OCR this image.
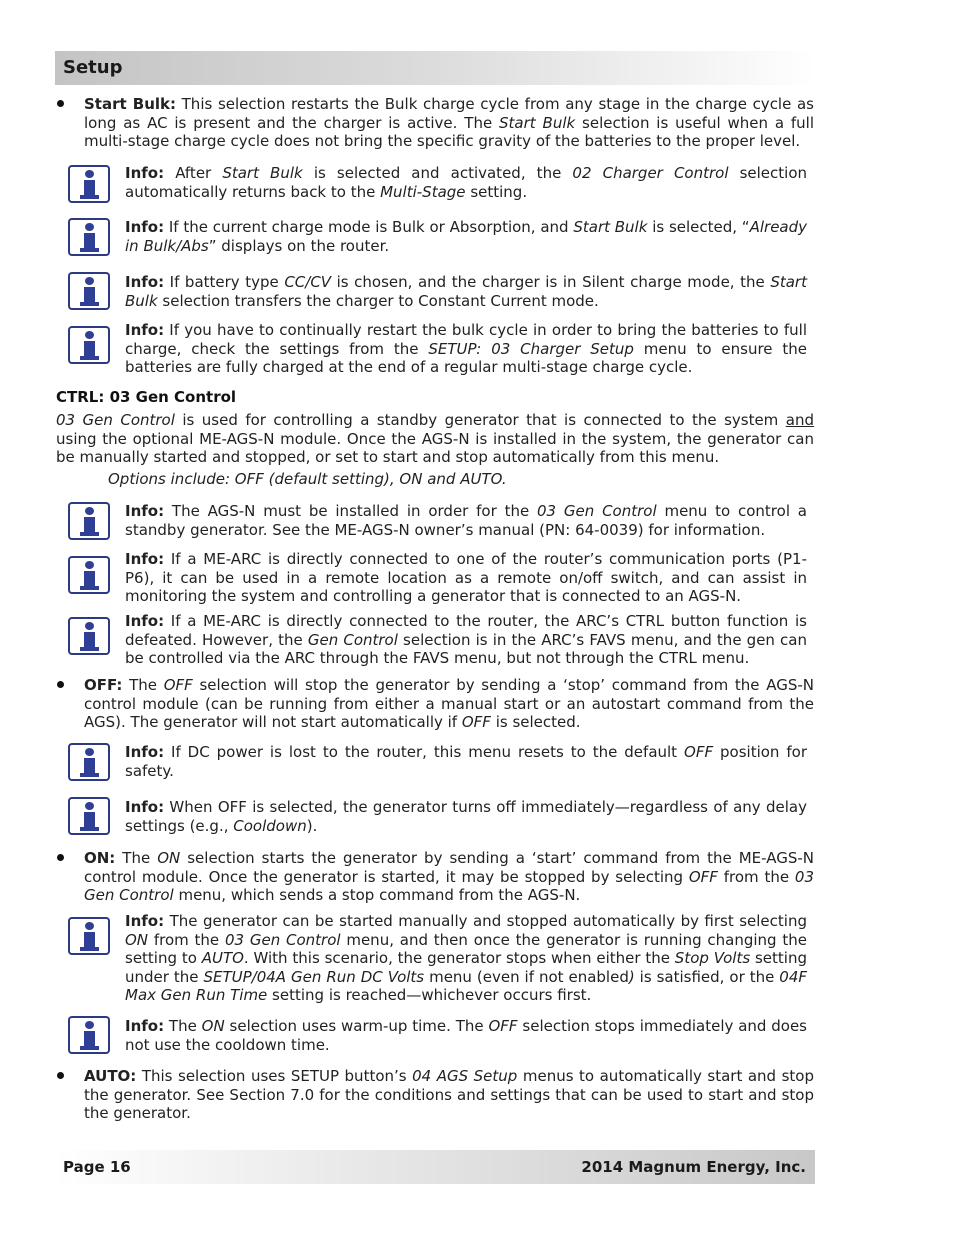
Setup
Start Bulk: This selection restarts the Bulk charge cycle from any stage in the charge cycle as long as AC is present and the charger is active. The Start Bulk selection is useful when a full multi-stage charge cycle does not bring the specific gravity of the batteries to the proper level.
Info: After Start Bulk is selected and activated, the 02 Charger Control selection automatically returns back to the Multi-Stage setting.
Info: If the current charge mode is Bulk or Absorption, and Start Bulk is selected, “Already in Bulk/Abs” displays on the router.
Info: If battery type CC/CV is chosen, and the charger is in Silent charge mode, the Start Bulk selection transfers the charger to Constant Current mode.
Info: If you have to continually restart the bulk cycle in order to bring the batteries to full charge, check the settings from the SETUP: 03 Charger Setup menu to ensure the batteries are fully charged at the end of a regular multi-stage charge cycle.
CTRL: 03 Gen Control
03 Gen Control is used for controlling a standby generator that is connected to the system and using the optional ME-AGS-N module. Once the AGS-N is installed in the system, the generator can be manually started and stopped, or set to start and stop automatically from this menu.
Options include: OFF (default setting), ON and AUTO.
Info: The AGS-N must be installed in order for the 03 Gen Control menu to control a standby generator. See the ME-AGS-N owner’s manual (PN: 64-0039) for information.
Info: If a ME-ARC is directly connected to one of the router’s communication ports (P1-P6), it can be used in a remote location as a remote on/off switch, and can assist in monitoring the system and controlling a generator that is connected to an AGS-N.
Info: If a ME-ARC is directly connected to the router, the ARC’s CTRL button function is defeated. However, the Gen Control selection is in the ARC’s FAVS menu, and the gen can be controlled via the ARC through the FAVS menu, but not through the CTRL menu.
OFF: The OFF selection will stop the generator by sending a ‘stop’ command from the AGS-N control module (can be running from either a manual start or an autostart command from the AGS). The generator will not start automatically if OFF is selected.
Info: If DC power is lost to the router, this menu resets to the default OFF position for safety.
Info: When OFF is selected, the generator turns off immediately—regardless of any delay settings (e.g., Cooldown).
ON: The ON selection starts the generator by sending a ‘start’ command from the ME-AGS-N control module. Once the generator is started, it may be stopped by selecting OFF from the 03 Gen Control menu, which sends a stop command from the AGS-N.
Info: The generator can be started manually and stopped automatically by first selecting ON from the 03 Gen Control menu, and then once the generator is running changing the setting to AUTO. With this scenario, the generator stops when either the Stop Volts setting under the SETUP/04A Gen Run DC Volts menu (even if not enabled) is satisfied, or the 04F Max Gen Run Time setting is reached—whichever occurs first.
Info: The ON selection uses warm-up time. The OFF selection stops immediately and does not use the cooldown time.
AUTO: This selection uses SETUP button’s 04 AGS Setup menus to automatically start and stop the generator. See Section 7.0 for the conditions and settings that can be used to start and stop the generator.
Page 16	2014 Magnum Energy, Inc.
